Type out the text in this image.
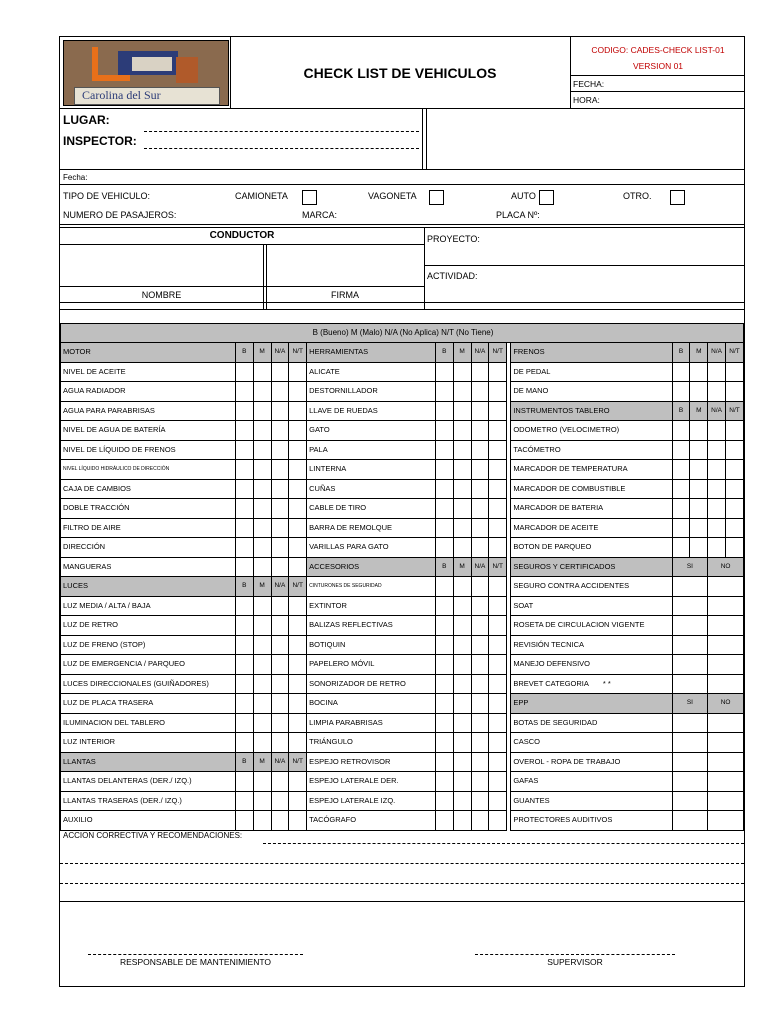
Carolina del Sur
CHECK LIST DE VEHICULOS
CODIGO: CADES-CHECK LIST-01
VERSION 01
FECHA:
HORA:
LUGAR:
INSPECTOR:
Fecha:
TIPO DE VEHICULO:	CAMIONETA	VAGONETA	AUTO	OTRO.
NUMERO DE PASAJEROS:	MARCA:	PLACA Nº:
CONDUCTOR
NOMBRE	FIRMA
PROYECTO:
ACTIVIDAD:
B (Bueno) M (Malo) N/A (No Aplica) N/T (No Tiene)															
MOTOR	B	M	N/A	N/T	HERRAMIENTAS	B	M	N/A	N/T		FRENOS	B	M	N/A	N/T
NIVEL DE ACEITE					ALICATE						DE PEDAL				
AGUA RADIADOR					DESTORNILLADOR						DE MANO				
AGUA PARA PARABRISAS					LLAVE DE RUEDAS						INSTRUMENTOS TABLERO	B	M	N/A	N/T
NIVEL DE AGUA DE BATERÍA					GATO						ODOMETRO (VELOCIMETRO)				
NIVEL DE LÍQUIDO DE FRENOS					PALA						TACÓMETRO				
NIVEL LÍQUIDO HIDRÁULICO DE DIRECCIÓN					LINTERNA						MARCADOR DE TEMPERATURA				
CAJA DE CAMBIOS					CUÑAS						MARCADOR DE COMBUSTIBLE				
DOBLE TRACCIÓN					CABLE DE TIRO						MARCADOR DE BATERIA				
FILTRO DE AIRE					BARRA DE REMOLQUE						MARCADOR DE ACEITE				
DIRECCIÓN					VARILLAS PARA GATO						BOTON DE PARQUEO				
MANGUERAS					ACCESORIOS	B	M	N/A	N/T		SEGUROS Y CERTIFICADOS	SI		NO	
LUCES	B	M	N/A	N/T	CINTURONES DE SEGURIDAD						SEGURO CONTRA ACCIDENTES				
LUZ MEDIA / ALTA / BAJA					EXTINTOR						SOAT				
LUZ DE RETRO					BALIZAS REFLECTIVAS						ROSETA DE CIRCULACION VIGENTE				
LUZ DE FRENO (STOP)					BOTIQUIN						REVISIÓN TECNICA				
LUZ DE EMERGENCIA / PARQUEO					PAPELERO MÓVIL						MANEJO DEFENSIVO				
LUCES DIRECCIONALES (GUIÑADORES)					SONORIZADOR DE RETRO						BREVET CATEGORIA * *				
LUZ DE PLACA TRASERA					BOCINA						EPP	SI		NO	
ILUMINACION DEL TABLERO					LIMPIA PARABRISAS						BOTAS DE SEGURIDAD				
LUZ INTERIOR					TRIÁNGULO						CASCO				
LLANTAS	B	M	N/A	N/T	ESPEJO RETROVISOR						OVEROL - ROPA DE TRABAJO				
LLANTAS DELANTERAS (DER./ IZQ.)					ESPEJO LATERALE DER.						GAFAS				
LLANTAS TRASERAS (DER./ IZQ.)					ESPEJO LATERALE IZQ.						GUANTES				
AUXILIO					TACÓGRAFO						PROTECTORES AUDITIVOS				
ACCION CORRECTIVA Y RECOMENDACIONES:
RESPONSABLE DE MANTENIMIENTO	SUPERVISOR
